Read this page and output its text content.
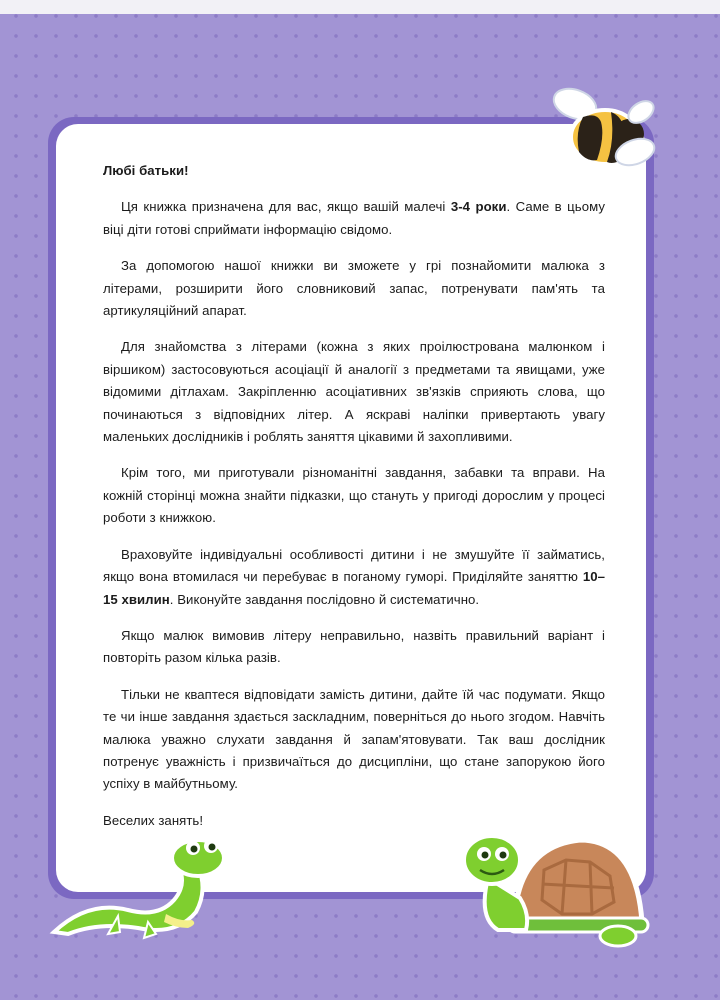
Любі батьки!

Ця книжка призначена для вас, якщо вашій малечі 3-4 роки. Саме в цьому віці діти готові сприймати інформацію свідомо.

За допомогою нашої книжки ви зможете у грі познайомити малюка з літерами, розширити його словниковий запас, потренувати пам'ять та артикуляційний апарат.

Для знайомства з літерами (кожна з яких проілюстрована малюнком і віршиком) застосовуються асоціації й аналогії з предметами та явищами, уже відомими дітлахам. Закріпленню асоціативних зв'язків сприяють слова, що починаються з відповідних літер. А яскраві наліпки привертають увагу маленьких дослідників і роблять заняття цікавими й захопливими.

Крім того, ми приготували різноманітні завдання, забавки та вправи. На кожній сторінці можна знайти підказки, що стануть у пригоді дорослим у процесі роботи з книжкою.

Враховуйте індивідуальні особливості дитини і не змушуйте її займатись, якщо вона втомилася чи перебуває в поганому гуморі. Приділяйте заняттю 10–15 хвилин. Виконуйте завдання послідовно й систематично.

Якщо малюк вимовив літеру неправильно, назвіть правильний варіант і повторіть разом кілька разів.

Тільки не кваптеся відповідати замість дитини, дайте їй час подумати. Якщо те чи інше завдання здається заскладним, поверніться до нього згодом. Навчіть малюка уважно слухати завдання й запам'ятовувати. Так ваш дослідник потренує уважність і призвичаїться до дисципліни, що стане запорукою його успіху в майбутньому.

Веселих занять!
